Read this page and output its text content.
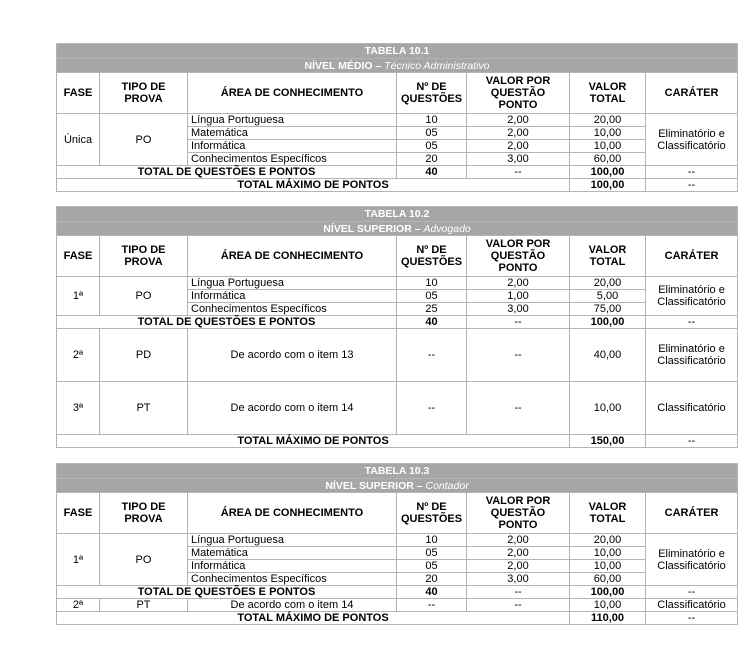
TABELA 10.1						
NÍVEL MÉDIO – Técnico Administrativo						
FASE	TIPO DE PROVA	ÁREA DE CONHECIMENTO	Nº DE QUESTÕES	VALOR POR QUESTÃO PONTO	VALOR TOTAL	CARÁTER
Única	PO	Língua Portuguesa	10	2,00	20,00	Eliminatório e Classificatório
		Matemática	05	2,00	10,00	
		Informática	05	2,00	10,00	
		Conhecimentos Específicos	20	3,00	60,00	
TOTAL DE QUESTÕES E PONTOS			40	--	100,00	--
TOTAL MÁXIMO DE PONTOS					100,00	--
TABELA 10.2						
NÍVEL SUPERIOR – Advogado						
FASE	TIPO DE PROVA	ÁREA DE CONHECIMENTO	Nº DE QUESTÕES	VALOR POR QUESTÃO PONTO	VALOR TOTAL	CARÁTER
1ª	PO	Língua Portuguesa	10	2,00	20,00	Eliminatório e Classificatório
		Informática	05	1,00	5,00	
		Conhecimentos Específicos	25	3,00	75,00	
TOTAL DE QUESTÕES E PONTOS			40	--	100,00	--
2ª	PD	De acordo com o item 13	--	--	40,00	Eliminatório e Classificatório
3ª	PT	De acordo com o item 14	--	--	10,00	Classificatório
TOTAL MÁXIMO DE PONTOS					150,00	--
TABELA 10.3						
NÍVEL SUPERIOR – Contador						
FASE	TIPO DE PROVA	ÁREA DE CONHECIMENTO	Nº DE QUESTÕES	VALOR POR QUESTÃO PONTO	VALOR TOTAL	CARÁTER
1ª	PO	Língua Portuguesa	10	2,00	20,00	Eliminatório e Classificatório
		Matemática	05	2,00	10,00	
		Informática	05	2,00	10,00	
		Conhecimentos Específicos	20	3,00	60,00	
TOTAL DE QUESTÕES E PONTOS			40	--	100,00	--
2ª	PT	De acordo com o item 14	--	--	10,00	Classificatório
TOTAL MÁXIMO DE PONTOS					110,00	--
